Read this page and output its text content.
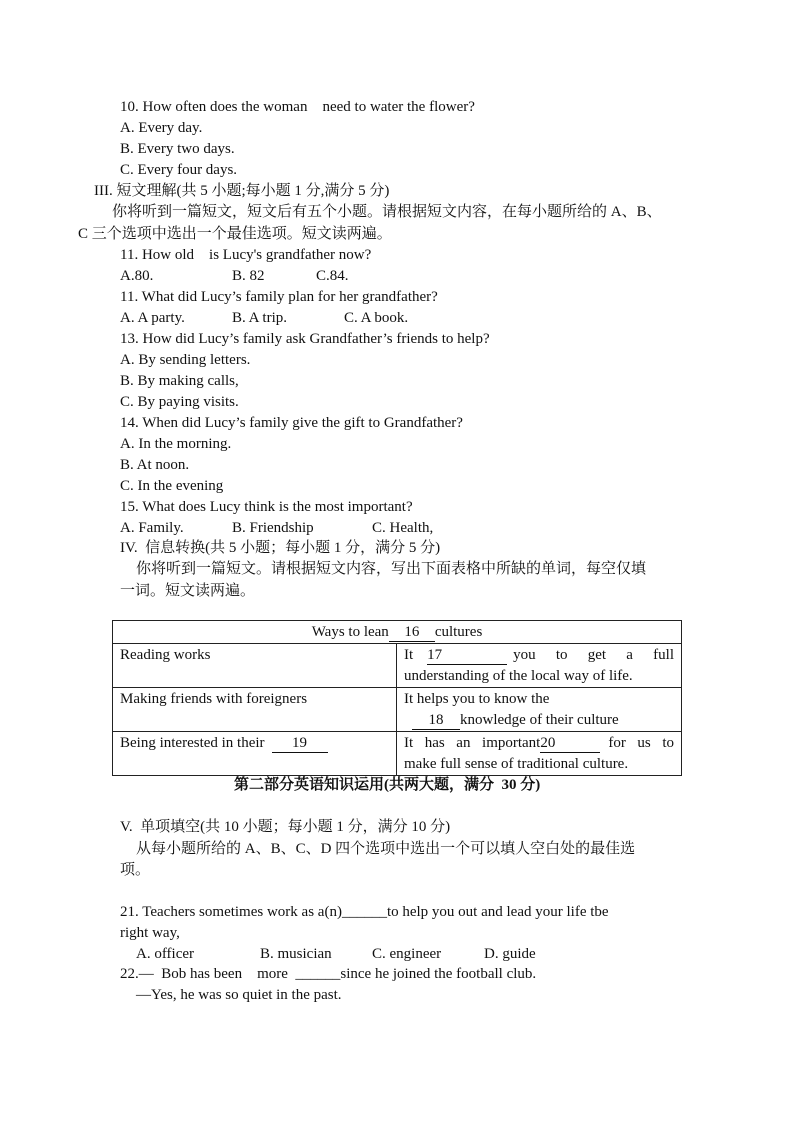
10. How often does the woman    need to water the flower?
A. Every day.
B. Every two days.
C. Every four days.
III. 短文理解(共 5 小题;每小题 1 分,满分 5 分)
你将听到一篇短文，短文后有五个小题。请根据短文内容，在每小题所给的 A、B、
C 三个选项中选出一个最佳选项。短文读两遍。
11. How old    is Lucy's grandfather now?
A.80.	B. 82	C.84.
11. What did Lucy’s family plan for her grandfather?
A. A party.	B. A trip.	C. A book.
13. How did Lucy’s family ask Grandfather’s friends to help?
A. By sending letters.
B. By making calls,
C. By paying visits.
14. When did Lucy’s family give the gift to Grandfather?
A. In the morning.
B. At noon.
C. In the evening
15. What does Lucy think is the most important?
A. Family.	B. Friendship	C. Health,
IV.  信息转换(共 5 小题；每小题 1 分，满分 5 分)
你将听到一篇短文。请根据短文内容，写出下面表格中所缺的单词，每空仅填
一词。短文读两遍。
Ways to lean 16 cultures	
Reading works	It 17 you to get a full
understanding of the local way of life.

Making friends with foreigners	It helps you to know the
18 knowledge of their culture

Being interested in their 19	It has an important20 for us to
make full sense of traditional culture.
第二部分英语知识运用(共两大题，满分  30 分)
V.  单项填空(共 10 小题；每小题 1 分，满分 10 分)
从每小题所给的 A、B、C、D 四个选项中选出一个可以填人空白处的最佳选
项。
21. Teachers sometimes work as a(n)______to help you out and lead your life tbe
right way,
A. officer	B. musician	C. engineer	D. guide
22.—  Bob has been    more  ______since he joined the football club.
—Yes, he was so quiet in the past.
